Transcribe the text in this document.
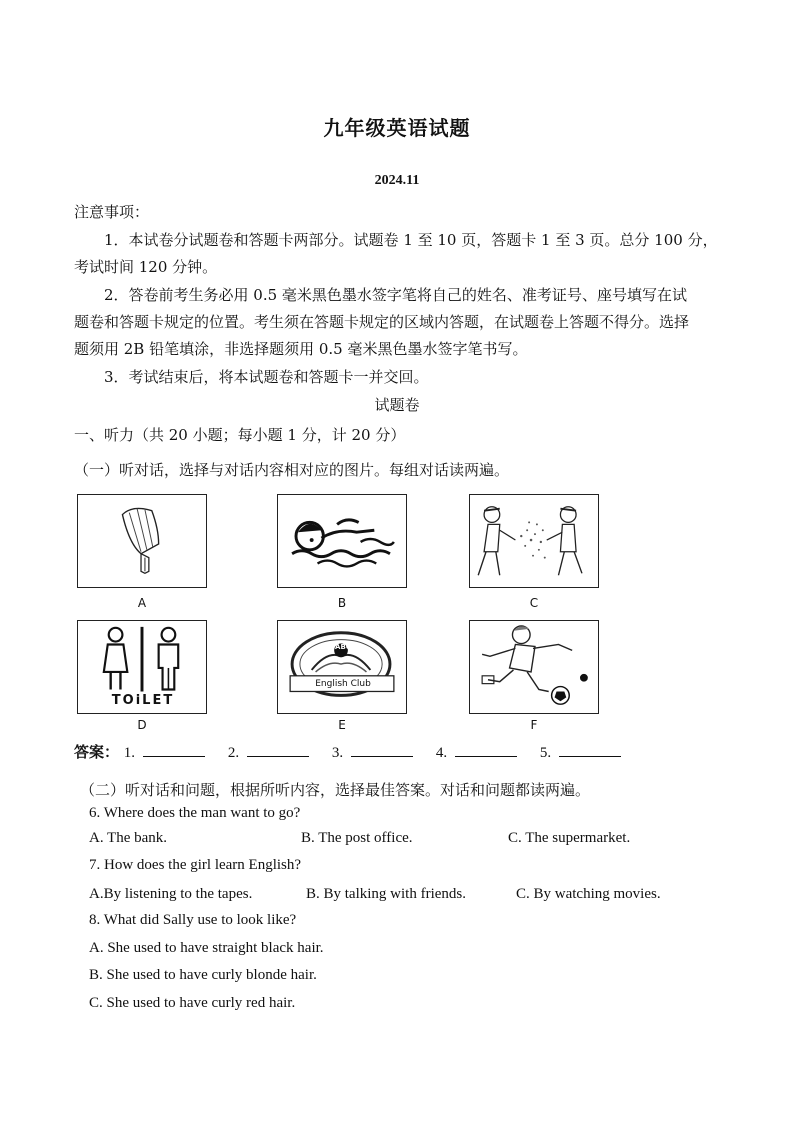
九年级英语试题
2024.11
注意事项：
1．本试卷分试题卷和答题卡两部分。试题卷 1 至 10 页，答题卡 1 至 3 页。总分 100 分，
考试时间 120 分钟。
2．答卷前考生务必用 0.5 毫米黑色墨水签字笔将自己的姓名、准考证号、座号填写在试
题卷和答题卡规定的位置。考生须在答题卡规定的区域内答题，在试题卷上答题不得分。选择
题须用 2B 铅笔填涂，非选择题须用 0.5 毫米黑色墨水签字笔书写。
3．考试结束后，将本试题卷和答题卡一并交回。
试题卷
一、听力（共 20 小题；每小题 1 分，计 20 分）
（一）听对话，选择与对话内容相对应的图片。每组对话读两遍。
A	B	C
TOiLET
D
ABC
English Club
E	F
答案： 1.	2.	3.	4.	5.
（二）听对话和问题，根据所听内容，选择最佳答案。对话和问题都读两遍。
6. Where does the man want to go?
A. The bank.	B. The post office.	C. The supermarket.
7. How does the girl learn English?
A.By listening to the tapes.	B. By talking with friends.	C. By watching movies.
8. What did Sally use to look like?
A. She used to have straight black hair.
B. She used to have curly blonde hair.
C. She used to have curly red hair.
